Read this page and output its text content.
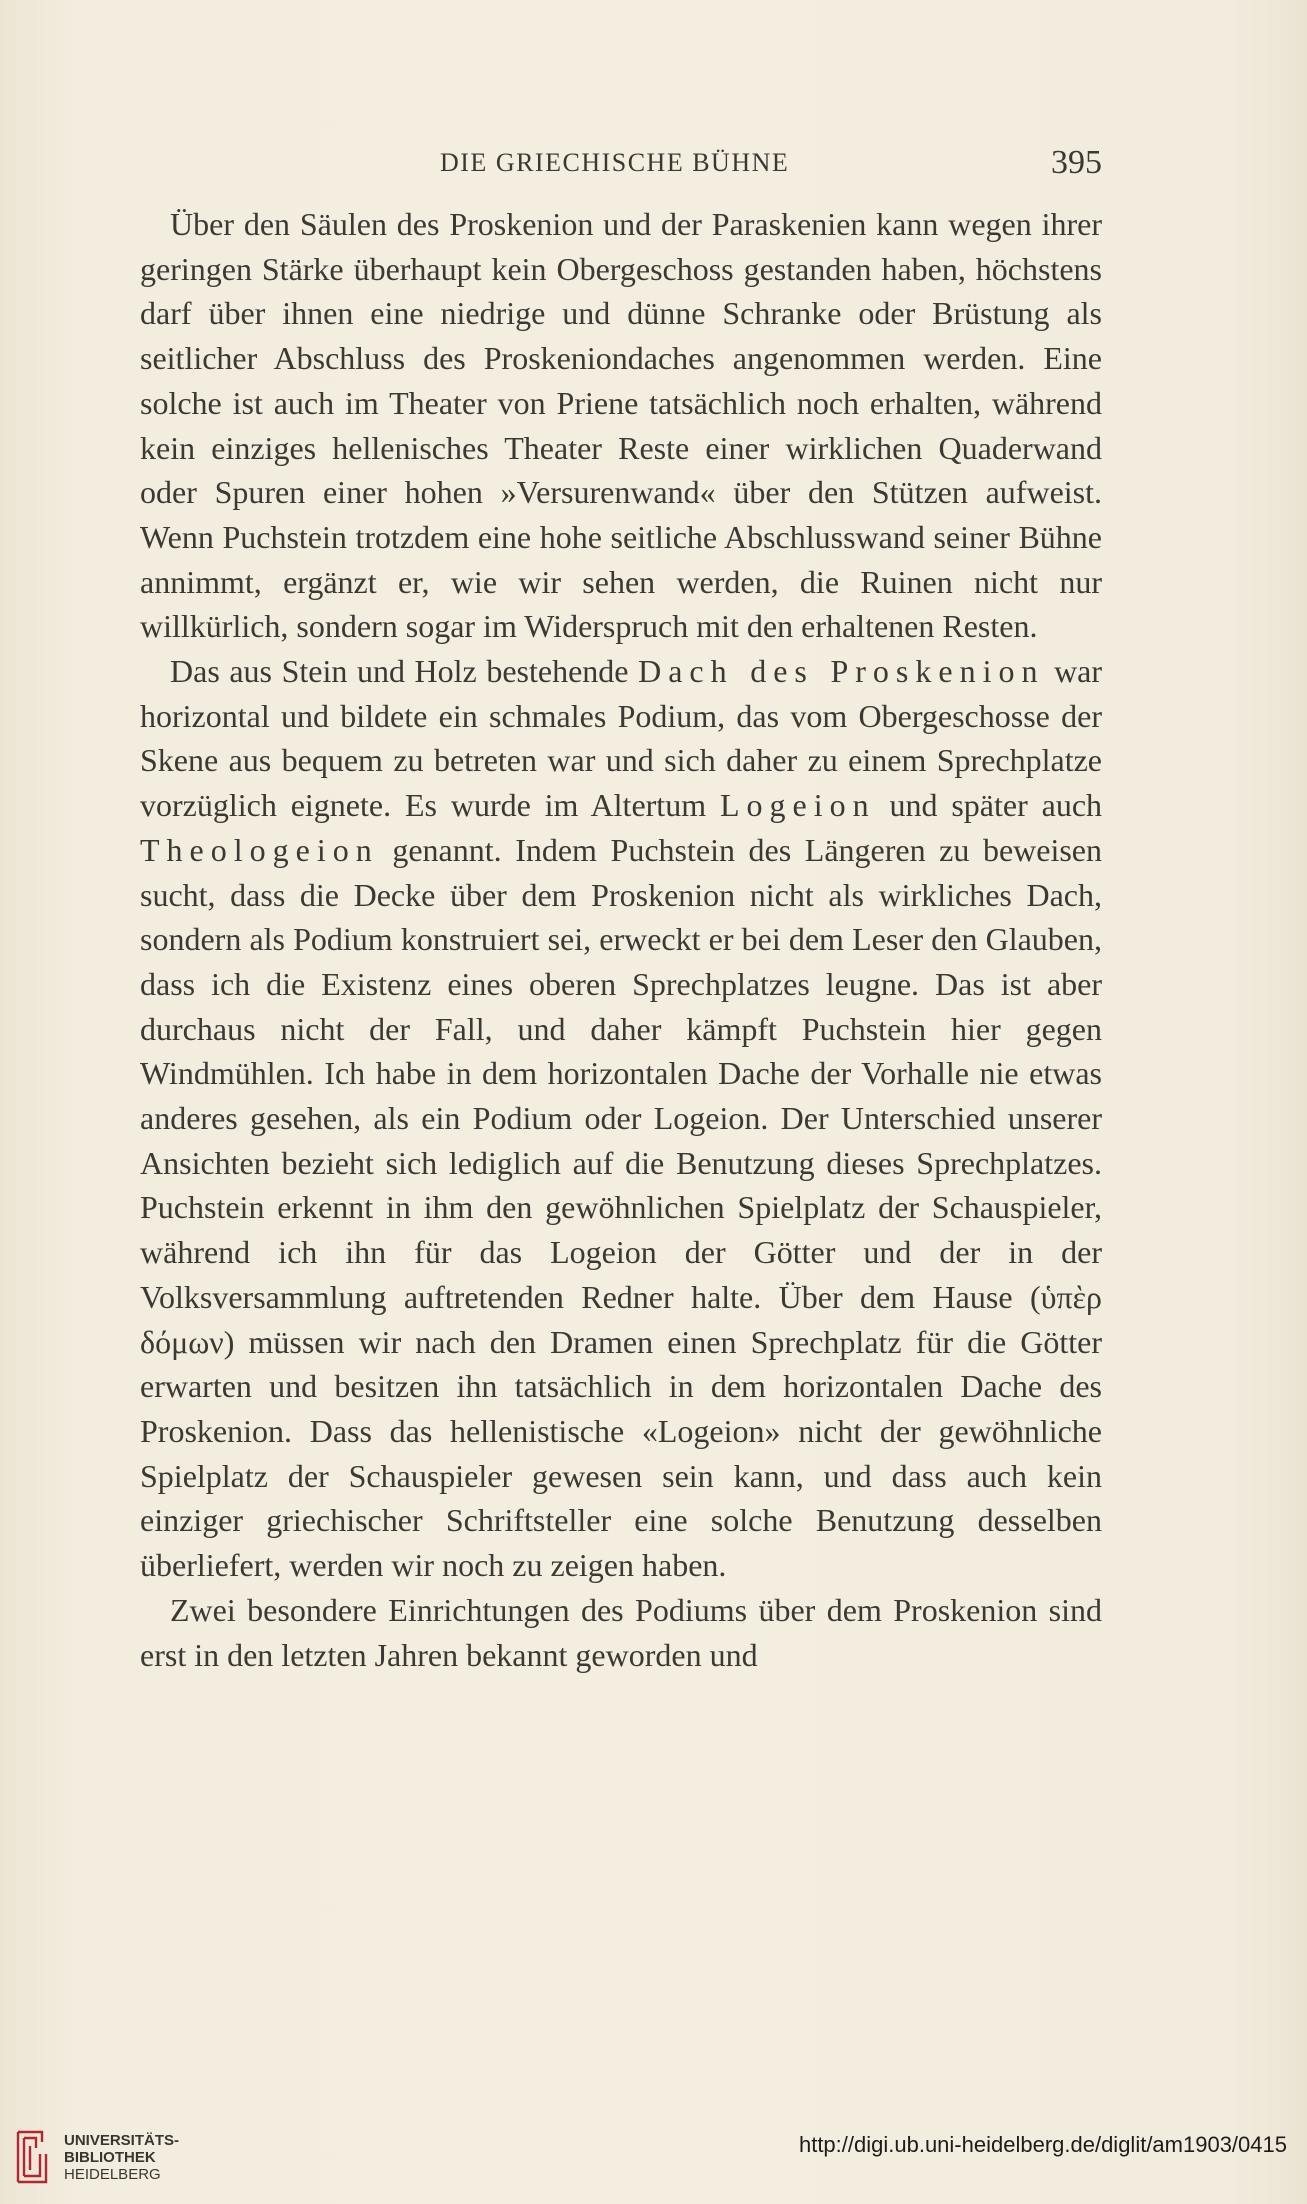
DIE GRIECHISCHE BÜHNE	395

Über den Säulen des Proskenion und der Paraskenien kann wegen ihrer geringen Stärke überhaupt kein Obergeschoss gestanden haben, höchstens darf über ihnen eine niedrige und dünne Schranke oder Brüstung als seitlicher Abschluss des Proskeniondaches angenommen werden. Eine solche ist auch im Theater von Priene tatsächlich noch erhalten, während kein einziges hellenisches Theater Reste einer wirklichen Quaderwand oder Spuren einer hohen »Versurenwand« über den Stützen aufweist. Wenn Puchstein trotzdem eine hohe seitliche Abschlusswand seiner Bühne annimmt, ergänzt er, wie wir sehen werden, die Ruinen nicht nur willkürlich, sondern sogar im Widerspruch mit den erhaltenen Resten.

Das aus Stein und Holz bestehende Dach des Proskenion war horizontal und bildete ein schmales Podium, das vom Obergeschosse der Skene aus bequem zu betreten war und sich daher zu einem Sprechplatze vorzüglich eignete. Es wurde im Altertum Logeion und später auch Theologeion genannt. Indem Puchstein des Längeren zu beweisen sucht, dass die Decke über dem Proskenion nicht als wirkliches Dach, sondern als Podium konstruiert sei, erweckt er bei dem Leser den Glauben, dass ich die Existenz eines oberen Sprechplatzes leugne. Das ist aber durchaus nicht der Fall, und daher kämpft Puchstein hier gegen Windmühlen. Ich habe in dem horizontalen Dache der Vorhalle nie etwas anderes gesehen, als ein Podium oder Logeion. Der Unterschied unserer Ansichten bezieht sich lediglich auf die Benutzung dieses Sprechplatzes. Puchstein erkennt in ihm den gewöhnlichen Spielplatz der Schauspieler, während ich ihn für das Logeion der Götter und der in der Volksversammlung auftretenden Redner halte. Über dem Hause (ὑπὲρ δόμων) müssen wir nach den Dramen einen Sprechplatz für die Götter erwarten und besitzen ihn tatsächlich in dem horizontalen Dache des Proskenion. Dass das hellenistische «Logeion» nicht der gewöhnliche Spielplatz der Schauspieler gewesen sein kann, und dass auch kein einziger griechischer Schriftsteller eine solche Benutzung desselben überliefert, werden wir noch zu zeigen haben.

Zwei besondere Einrichtungen des Podiums über dem Proskenion sind erst in den letzten Jahren bekannt geworden und

UNIVERSITÄTS-
BIBLIOTHEK
HEIDELBERG
http://digi.ub.uni-heidelberg.de/diglit/am1903/0415
